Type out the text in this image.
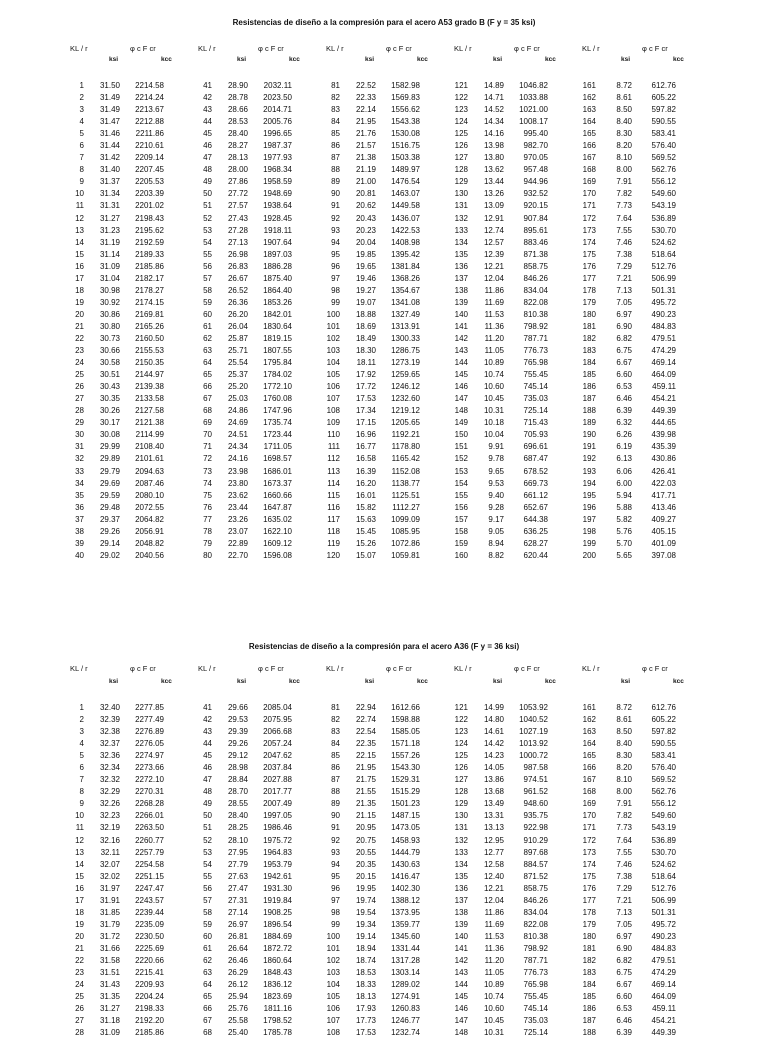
Resistencias de diseño a la compresión para el acero A53 grado B (F y = 35 ksi)
KL / r	φ c F cr
ksi	kcc
1 31.50 2214.58
2 31.49 2214.24
3 31.49 2213.67
4 31.47 2212.88
5 31.46 2211.86
6 31.44 2210.61
7 31.42 2209.14
8 31.40 2207.45
9 31.37 2205.53
10 31.34 2203.39
11 31.31 2201.02
12 31.27 2198.43
13 31.23 2195.62
14 31.19 2192.59
15 31.14 2189.33
16 31.09 2185.86
17 31.04 2182.17
18 30.98 2178.27
19 30.92 2174.15
20 30.86 2169.81
21 30.80 2165.26
22 30.73 2160.50
23 30.66 2155.53
24 30.58 2150.35
25 30.51 2144.97
26 30.43 2139.38
27 30.35 2133.58
28 30.26 2127.58
29 30.17 2121.38
30 30.08 2114.99
31 29.99 2108.40
32 29.89 2101.61
33 29.79 2094.63
34 29.69 2087.46
35 29.59 2080.10
36 29.48 2072.55
37 29.37 2064.82
38 29.26 2056.91
39 29.14 2048.82
40 29.02 2040.56
KL / r	φ c F cr
ksi	kcc
41 28.90 2032.11
42 28.78 2023.50
43 28.66 2014.71
44 28.53 2005.76
45 28.40 1996.65
46 28.27 1987.37
47 28.13 1977.93
48 28.00 1968.34
49 27.86 1958.59
50 27.72 1948.69
51 27.57 1938.64
52 27.43 1928.45
53 27.28 1918.11
54 27.13 1907.64
55 26.98 1897.03
56 26.83 1886.28
57 26.67 1875.40
58 26.52 1864.40
59 26.36 1853.26
60 26.20 1842.01
61 26.04 1830.64
62 25.87 1819.15
63 25.71 1807.55
64 25.54 1795.84
65 25.37 1784.02
66 25.20 1772.10
67 25.03 1760.08
68 24.86 1747.96
69 24.69 1735.74
70 24.51 1723.44
71 24.34 1711.05
72 24.16 1698.57
73 23.98 1686.01
74 23.80 1673.37
75 23.62 1660.66
76 23.44 1647.87
77 23.26 1635.02
78 23.07 1622.10
79 22.89 1609.12
80 22.70 1596.08
KL / r	φ c F cr
ksi	kcc
81 22.52 1582.98
82 22.33 1569.83
83 22.14 1556.62
84 21.95 1543.38
85 21.76 1530.08
86 21.57 1516.75
87 21.38 1503.38
88 21.19 1489.97
89 21.00 1476.54
90 20.81 1463.07
91 20.62 1449.58
92 20.43 1436.07
93 20.23 1422.53
94 20.04 1408.98
95 19.85 1395.42
96 19.65 1381.84
97 19.46 1368.26
98 19.27 1354.67
99 19.07 1341.08
100 18.88 1327.49
101 18.69 1313.91
102 18.49 1300.33
103 18.30 1286.75
104 18.11 1273.19
105 17.92 1259.65
106 17.72 1246.12
107 17.53 1232.60
108 17.34 1219.12
109 17.15 1205.65
110 16.96 1192.21
111 16.77 1178.80
112 16.58 1165.42
113 16.39 1152.08
114 16.20 1138.77
115 16.01 1125.51
116 15.82 1112.27
117 15.63 1099.09
118 15.45 1085.95
119 15.26 1072.86
120 15.07 1059.81
KL / r	φ c F cr
ksi	kcc
121 14.89 1046.82
122 14.71 1033.88
123 14.52 1021.00
124 14.34 1008.17
125 14.16 995.40
126 13.98 982.70
127 13.80 970.05
128 13.62 957.48
129 13.44 944.96
130 13.26 932.52
131 13.09 920.15
132 12.91 907.84
133 12.74 895.61
134 12.57 883.46
135 12.39 871.38
136 12.21 858.75
137 12.04 846.26
138 11.86 834.04
139 11.69 822.08
140 11.53 810.38
141 11.36 798.92
142 11.20 787.71
143 11.05 776.73
144 10.89 765.98
145 10.74 755.45
146 10.60 745.14
147 10.45 735.03
148 10.31 725.14
149 10.18 715.43
150 10.04 705.93
151	9.91 696.61
152	9.78 687.47
153	9.65 678.52
154	9.53 669.73
155	9.40 661.12
156	9.28 652.67
157	9.17 644.38
158	9.05 636.25
159	8.94 628.27
160	8.82 620.44
KL / r	φ c F cr
ksi	kcc
161	8.72 612.76
162	8.61 605.22
163	8.50 597.82
164	8.40 590.55
165	8.30 583.41
166	8.20 576.40
167	8.10 569.52
168	8.00 562.76
169	7.91 556.12
170	7.82 549.60
171	7.73 543.19
172	7.64 536.89
173	7.55 530.70
174	7.46 524.62
175	7.38 518.64
176	7.29 512.76
177	7.21 506.99
178	7.13 501.31
179	7.05 495.72
180	6.97 490.23
181	6.90 484.83
182	6.82 479.51
183	6.75 474.29
184	6.67 469.14
185	6.60 464.09
186	6.53	459.11
187	6.46 454.21
188	6.39 449.39
189	6.32 444.65
190	6.26 439.98
191	6.19 435.39
192	6.13 430.86
193	6.06 426.41
194	6.00 422.03
195	5.94 417.71
196	5.88 413.46
197	5.82 409.27
198	5.76 405.15
199	5.70 401.09
200	5.65 397.08
Resistencias de diseño a la compresión para el acero A36 (F y = 36 ksi)
KL / r	φ c F cr
ksi	kcc
1 32.40 2277.85
2 32.39 2277.49
3 32.38 2276.89
4 32.37 2276.05
5 32.36 2274.97
6 32.34 2273.66
7 32.32 2272.10
8 32.29 2270.31
9 32.26 2268.28
10 32.23 2266.01
11 32.19 2263.50
12 32.16 2260.77
13 32.11 2257.79
14 32.07 2254.58
15 32.02 2251.15
16 31.97 2247.47
17 31.91 2243.57
18 31.85 2239.44
19 31.79 2235.09
20 31.72 2230.50
21 31.66 2225.69
22 31.58 2220.66
23 31.51 2215.41
24 31.43 2209.93
25 31.35 2204.24
26 31.27 2198.33
27 31.18 2192.20
28 31.09 2185.86
KL / r	φ c F cr
ksi	kcc
41 29.66 2085.04
42 29.53 2075.95
43 29.39 2066.68
44 29.26 2057.24
45 29.12 2047.62
46 28.98 2037.84
47 28.84 2027.88
48 28.70 2017.77
49 28.55 2007.49
50 28.40 1997.05
51 28.25 1986.46
52 28.10 1975.72
53 27.95 1964.83
54 27.79 1953.79
55 27.63 1942.61
56 27.47 1931.30
57 27.31 1919.84
58 27.14 1908.25
59 26.97 1896.54
60 26.81 1884.69
61 26.64 1872.72
62 26.46 1860.64
63 26.29 1848.43
64 26.12 1836.12
65 25.94 1823.69
66 25.76 1811.16
67 25.58 1798.52
68 25.40 1785.78
KL / r	φ c F cr
ksi	kcc
81 22.94 1612.66
82 22.74 1598.88
83 22.54 1585.05
84 22.35 1571.18
85 22.15 1557.26
86 21.95 1543.30
87 21.75 1529.31
88 21.55 1515.29
89 21.35 1501.23
90 21.15 1487.15
91 20.95 1473.05
92 20.75 1458.93
93 20.55 1444.79
94 20.35 1430.63
95 20.15 1416.47
96 19.95 1402.30
97 19.74 1388.12
98 19.54 1373.95
99 19.34 1359.77
100 19.14 1345.60
101 18.94 1331.44
102 18.74 1317.28
103 18.53 1303.14
104 18.33 1289.02
105 18.13 1274.91
106 17.93 1260.83
107 17.73 1246.77
108 17.53 1232.74
KL / r	φ c F cr
ksi	kcc
121 14.99 1053.92
122 14.80 1040.52
123 14.61 1027.19
124 14.42 1013.92
125 14.23 1000.72
126 14.05 987.58
127 13.86 974.51
128 13.68 961.52
129 13.49 948.60
130 13.31 935.75
131 13.13 922.98
132 12.95 910.29
133 12.77 897.68
134 12.58 884.57
135 12.40 871.52
136 12.21 858.75
137 12.04 846.26
138 11.86 834.04
139 11.69 822.08
140 11.53 810.38
141 11.36 798.92
142 11.20 787.71
143 11.05 776.73
144 10.89 765.98
145 10.74 755.45
146 10.60 745.14
147 10.45 735.03
148 10.31 725.14
KL / r	φ c F cr
ksi	kcc
161	8.72 612.76
162	8.61 605.22
163	8.50 597.82
164	8.40 590.55
165	8.30 583.41
166	8.20 576.40
167	8.10 569.52
168	8.00 562.76
169	7.91 556.12
170	7.82 549.60
171	7.73 543.19
172	7.64 536.89
173	7.55 530.70
174	7.46 524.62
175	7.38 518.64
176	7.29 512.76
177	7.21 506.99
178	7.13 501.31
179	7.05 495.72
180	6.97 490.23
181	6.90 484.83
182	6.82 479.51
183	6.75 474.29
184	6.67 469.14
185	6.60 464.09
186	6.53	459.11
187	6.46 454.21
188	6.39 449.39
